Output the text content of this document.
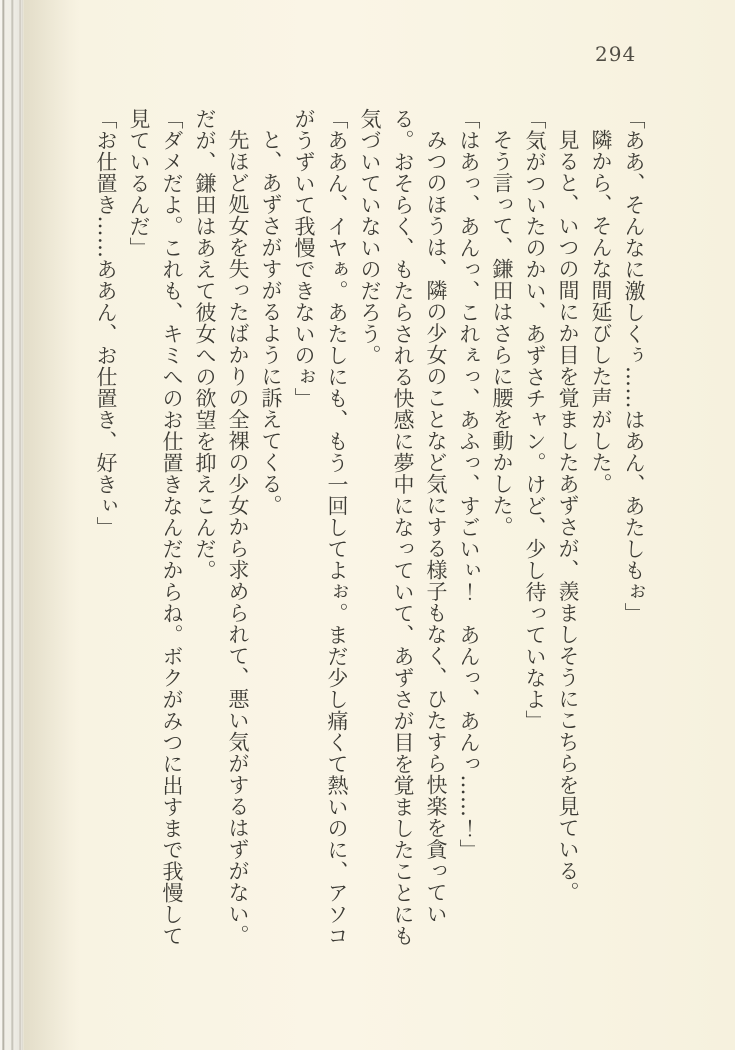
294

「ああ、そんなに激しくぅ……はあん、あたしもぉ」

隣から、そんな間延びした声がした。

見ると、いつの間にか目を覚ましたあずさが、羨ましそうにこちらを見ている。

「気がついたのかい、あずさチャン。けど、少し待っていなよ」

そう言って、鎌田はさらに腰を動かした。

「はあっ、あんっ、これぇっ、あふっ、すごいぃ！　あんっ、あんっ……！」

みつのほうは、隣の少女のことなど気にする様子もなく、ひたすら快楽を貪っている。おそらく、もたらされる快感に夢中になっていて、あずさが目を覚ましたことにも気づいていないのだろう。

「ああん、イヤぁ。あたしにも、もう一回してよぉ。まだ少し痛くて熱いのに、アソコがうずいて我慢できないのぉ」

と、あずさがすがるように訴えてくる。

先ほど処女を失ったばかりの全裸の少女から求められて、悪い気がするはずがない。

だが、鎌田はあえて彼女への欲望を抑えこんだ。

「ダメだよ。これも、キミへのお仕置きなんだからね。ボクがみつに出すまで我慢して見ているんだ」

「お仕置き……ああん、お仕置き、好きぃ」
